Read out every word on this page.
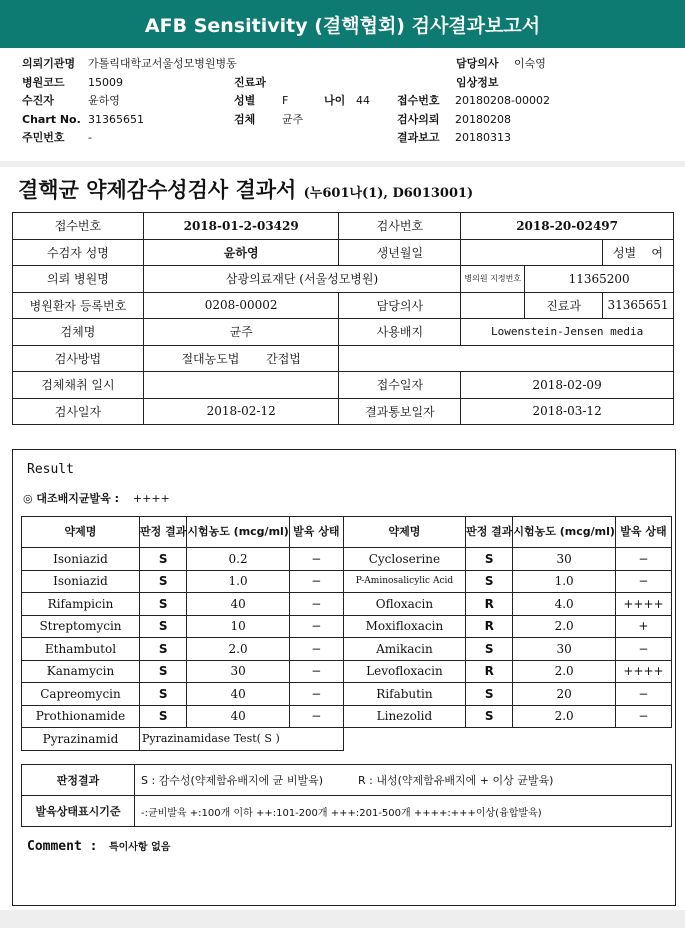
AFB Sensitivity (결핵협회) 검사결과보고서
의뢰기관명	가톨릭대학교서울성모병원병동	담당의사	이숙영
병원코드	15009	진료과	임상정보
수진자	윤하영	성별	F	나이 44	접수번호	20180208-00002
Chart No. 31365651	검체	균주	검사의뢰	20180208
주민번호	-	결과보고	20180313
결핵균 약제감수성검사 결과서 (누601나(1), D6013001)
접수번호	2018-01-2-03429	검사번호	2018-20-02497		
수검자 성명	윤하영	생년월일			성별 여
의뢰 병원명	삼광의료재단 (서울성모병원)		병의원 지정번호	11365200	
병원환자 등록번호	0208-00002	담당의사		진료과	31365651
검체명	균주	사용배지	Lowenstein-Jensen media		
검사방법	절대농도법 간접법				
검체채취 일시		접수일자	2018-02-09		
검사일자	2018-02-12	결과통보일자	2018-03-12		
Result
◎ 대조배지균발육 : ++++
약제명	판정 결과	시험농도 (mcg/ml)	발육 상태	약제명	판정 결과	시험농도 (mcg/ml)	발육 상태
Isoniazid	S	0.2	−	Cycloserine	S	30	−
Isoniazid	S	1.0	−	P-Aminosalicylic Acid	S	1.0	−
Rifampicin	S	40	−	Ofloxacin	R	4.0	++++
Streptomycin	S	10	−	Moxifloxacin	R	2.0	+
Ethambutol	S	2.0	−	Amikacin	S	30	−
Kanamycin	S	30	−	Levofloxacin	R	2.0	++++
Capreomycin	S	40	−	Rifabutin	S	20	−
Prothionamide	S	40	−	Linezolid	S	2.0	−
Pyrazinamid	Pyrazinamidase Test( S )						
판정결과	S : 감수성(약제함유배지에 균 비발육) R : 내성(약제함유배지에 + 이상 균발육)
발육상태표시기준	-:균비발육 +:100개 이하 ++:101-200개 +++:201-500개 ++++:+++이상(융합발육)
Comment : 특이사항 없음
